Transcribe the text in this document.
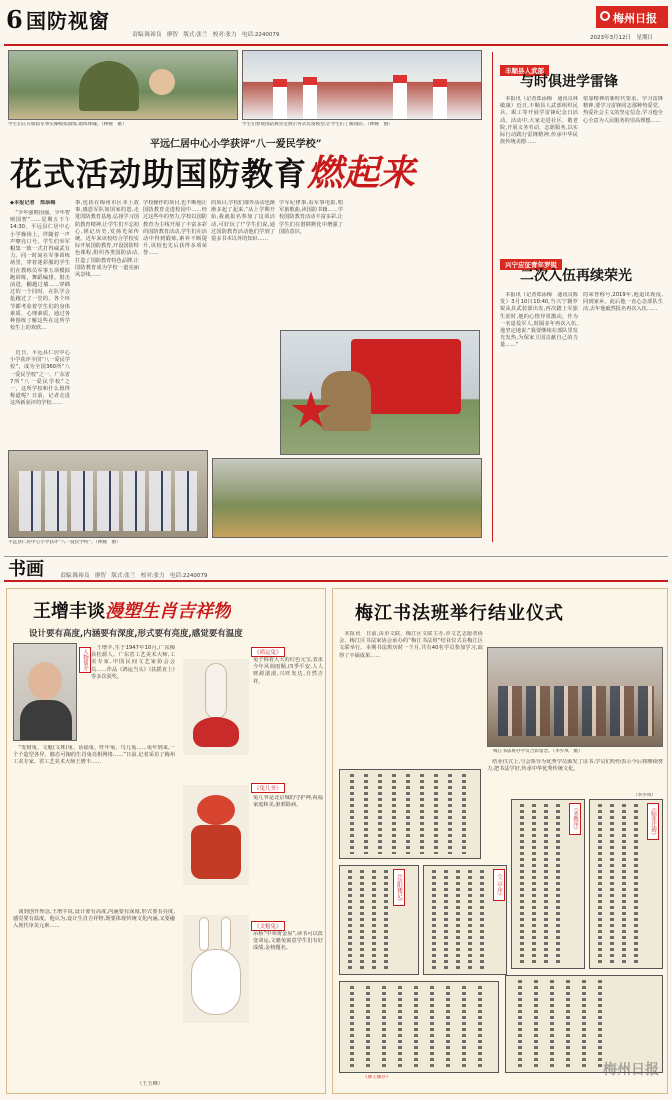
6 国防视窗
责编:陈裕良　廖智　版式:张兰　校对:张力　电话:2240079
梅州日报
2023年3月12日　星期日
学生们正在模拟军事实操模拟演练,锻炼体魄。（林婉　摄）	学生们参观国防教育室展示各式装备模型,让学生们了解国防。（林婉　摄）
平远仁居中心小学获评“八一爱民学校”
花式活动助国防教育燃起来
◆本报记者　郑添梅
　“少年强则国强，少年智则国智”……星期五下午14:30，平远县仁居中心小学操场上，伴随着一声声嘹亮口号，学生们举军帽集一致一式打得威武有力。同一时间在军事训练场里，穿着迷彩服的学生们在教练员军事五项模拟跑训练，舞蹈编排。射击前进，翻越过墙……穿插过的一个同时，在队学会抢跑过了一堂的，各个环节都考验着学生们的身体素质、心理素质，通过各种围练了解这些在这所学校生上的欢欣…
　近日，平远县仁居中心小学获评全国“八一爱民学校”，成为全国360所“八一爱民学校”之一、广东省7所“八一爱民学校”之一，这所学校和什么值得称道呢？日前，记者走进这所新获评的学校……
事,包括在梅州市区本土故事,感恩军队如国家的恩,走进国防教育基地,弘扬学习国防教育精神,让学生们不忘初心,铭记历史,发扬光荣传统。近年来该校结合学校实际开展国防教育,开设国防特色课程,组织各类国防活动,打造了国防教育特色品牌,让国防教育成为学校一道亮丽风景线……
学校操作的项目,也不断地让国防教育走进校园中……经过这些年的努力,学校以国防教育为主线开展了丰富多彩的国防教育活动,学生们在活动中得到锻炼,素养不断提升,该校也先后获得多项荣誉……
的项目,学校们课外活动也渐渐多起了起来,“从上学期开始,我就报名参加了这项活动,可好玩了!”学生们说,通过国防教育活动他们学到了很多书本以外的知识……
学军纪律事,看军事电影,唱军旅歌曲,读国防书籍……学校国防教育活动丰富多彩,让学生们在潜移默化中增强了国防意识。
平远县仁居中心小学获评“八一爱民学校”。（林婉　摄）
丰顺县人武部
与时俱进学雷锋
　本报讯（记者郑添梅　通讯员林敏康）近日,丰顺县人武部组织民兵、职工等开展学雷锋纪念日活动。活动中,大家走进社区、敬老院,开展义务劳动、志愿服务,以实际行动践行雷锋精神,传承中华民族传统美德……
依靠精神的新时代要求。学习雷锋精神,要学习雷锋同志那种热爱党、热爱社会主义的坚定信念,学习他全心全意为人民服务的崇高理想……
兴宁应征青年罗锐
二次入伍再续荣光
　本报讯（记者郑添梅　通讯员陈发）3月10日10:40,当兴宁籍罗锐从县武装部出发,再次踏上军旅生涯时,他的心情异常激动。作为一名退役军人,时隔多年再次入伍,他坚定地说:“我要继续在部队里发光发热,为保家卫国贡献自己的力量……”
的荣誉称号,2019年,他退出现役,回到家乡。此后他一直心念部队生活,去年他毅然报名再次入伍……
书画	责编:陈裕良　廖智　版式:张兰　校对:张力　电话:2240079
王增丰谈漫塑生肖吉祥物
设计要有高度,内涵要有深度,形式要有亮度,感觉要有温度
人物简介
　王增丰,生于1947年10月,广东梅县松源人。广东省工艺美术大师,工美专家,中国民间文艺家协会会员……作品《鸿运当头》《扶摇直上》等多次获奖。
　“发财兔、文魁(文殊)兔、话福兔、旺年兔、鸟儿兔……兔年到来,一个个造型各异、憨态可掬的生肖兔亮相网络……”日前,记者采访了梅州工美专家、省工艺美术大师王增丰……
　谈到创作理念,王增丰说,设计要有高度,内涵要有深度,形式要有亮度,感觉要有温度。他认为,设计生肖吉祥物,既要体现传统文化内涵,又要融入现代审美元素……
（王玉峰）
《鸿运兔》
兔子韩着大大的红色元宝,表求今年风调雨顺,四季平安,人人财源滚滚,兴旺发达,自然吉祥。
《兔儿爷》
兔儿爷是北京城的守护神,祝福家庭和美,驱邪除病。
《文魁兔》
吊桥“中举黄金屋”,读书可以改变命运,文魁兔寓意学生们有好成绩,金榜题名。
梅江书法班举行结业仪式
　本报讯　日前,由市文联、梅江区文联主办,市文艺志愿者协会、梅江区书法家协会承办的“梅江书法班”结业仪式在梅江区文联举行。本期书法班历时一个月,共有40名学员参加学习,取得了丰硕成果……
梅江书法班办学员合影留念。（李少凤　摄）
　结业仪式上,与会领导为优秀学员颁发了证书,学员们纷纷表示今后将继续努力,把书法学好,传承中华优秀传统文化。
《岳阳楼记》	《兰亭序》
《圣教序》	《临张迁碑》
《滕王阁序》	梅州日报
（李少凤）
